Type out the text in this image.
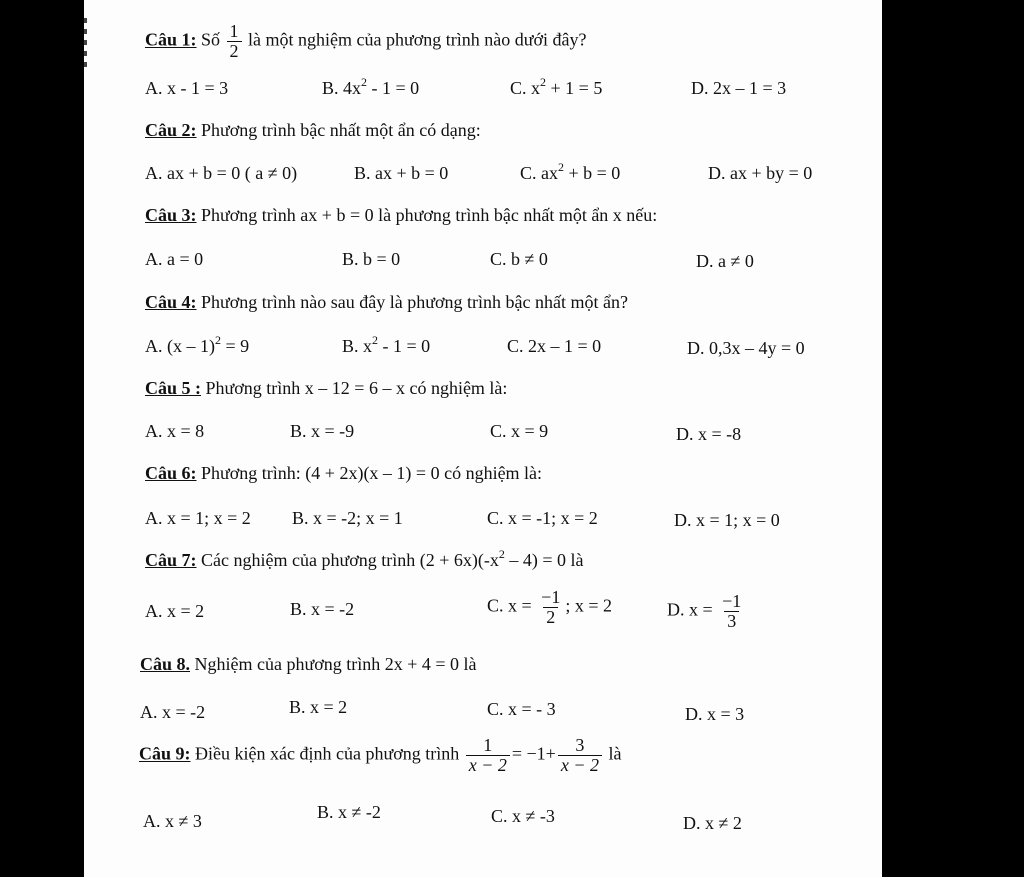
Câu 1: Số $\frac{1}{2}$ là một nghiệm của phương trình nào dưới đây?
A. x - 1 = 3	B. $4x^2 - 1 = 0$	C. $x^2 + 1 = 5$	D. 2x – 1 = 3
Câu 2: Phương trình bậc nhất một ẩn có dạng:
A. ax + b = 0 ( a ≠ 0)	B. ax + b = 0	C. $ax^2 + b = 0$	D. ax + by = 0
Câu 3: Phương trình ax + b = 0 là phương trình bậc nhất một ẩn x nếu:
A. a = 0	B. b = 0	C. b ≠ 0	D. a ≠ 0
Câu 4: Phương trình nào sau đây là phương trình bậc nhất một ẩn?
A. (x – 1)$^2$ = 9	B. $x^2 - 1 = 0$	C. 2x – 1 = 0	D. 0,3x – 4y = 0
Câu 5 : Phương trình x – 12 = 6 – x có nghiệm là:
A. x = 8	B. x = -9	C. x = 9	D. x = -8
Câu 6: Phương trình: (4 + 2x)(x – 1) = 0 có nghiệm là:
A. x = 1; x = 2 B. x = -2; x = 1	C. x = -1; x = 2	D. x = 1; x = 0
Câu 7: Các nghiệm của phương trình $(2 + 6x)(-x^2 - 4) = 0$ là
A. x = 2	B. x = -2	C. $x = \frac{-1}{2}$ ; x = 2	D. $x = \frac{-1}{3}$
Câu 8. Nghiệm của phương trình 2x + 4 = 0 là
A. x = -2	B. x = 2	C. x = - 3	D. x = 3
Câu 9: Điều kiện xác định của phương trình $\frac{1}{x - 2} = -1+ \frac{3}{x - 2}$ là
A. x ≠ 3	B. x ≠ -2	C. x ≠ -3	D. x ≠ 2
